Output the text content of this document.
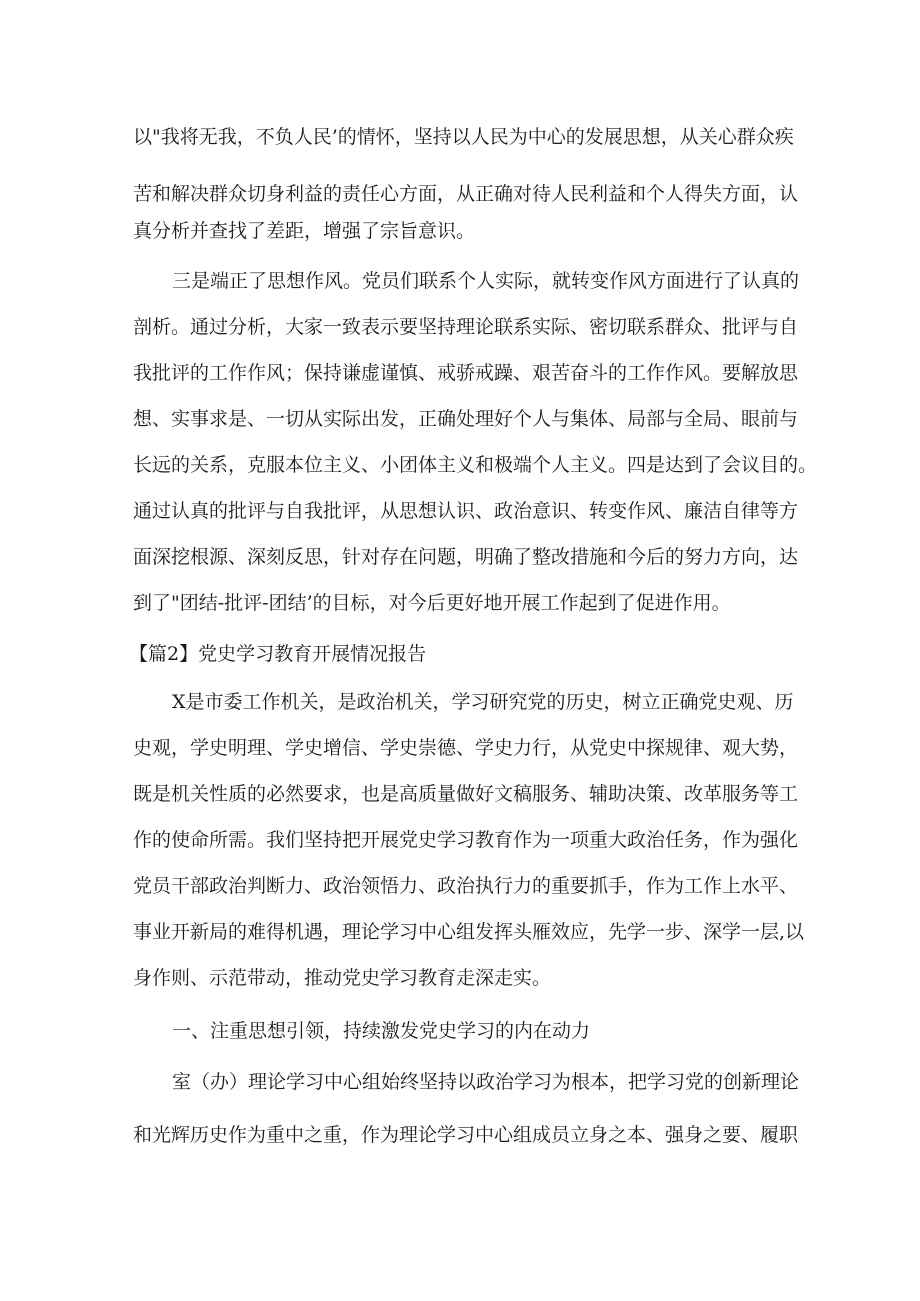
以"我将无我，不负人民’的情怀，坚持以人民为中心的发展思想，从关心群众疾

苦和解决群众切身利益的责任心方面，从正确对待人民利益和个人得失方面，认

真分析并查找了差距，增强了宗旨意识。

三是端正了思想作风。党员们联系个人实际，就转变作风方面进行了认真的

剖析。通过分析，大家一致表示要坚持理论联系实际、密切联系群众、批评与自

我批评的工作作风；保持谦虚谨慎、戒骄戒躁、艰苦奋斗的工作作风。要解放思

想、实事求是、一切从实际出发，正确处理好个人与集体、局部与全局、眼前与

长远的关系，克服本位主义、小团体主义和极端个人主义。四是达到了会议目的。

通过认真的批评与自我批评，从思想认识、政治意识、转变作风、廉洁自律等方

面深挖根源、深刻反思，针对存在问题，明确了整改措施和今后的努力方向，达

到了"团结-批评-团结’的目标，对今后更好地开展工作起到了促进作用。

【篇2】党史学习教育开展情况报告

X是市委工作机关，是政治机关，学习研究党的历史，树立正确党史观、历

史观，学史明理、学史增信、学史崇德、学史力行，从党史中探规律、观大势，

既是机关性质的必然要求，也是高质量做好文稿服务、辅助决策、改革服务等工

作的使命所需。我们坚持把开展党史学习教育作为一项重大政治任务，作为强化

党员干部政治判断力、政治领悟力、政治执行力的重要抓手，作为工作上水平、

事业开新局的难得机遇，理论学习中心组发挥头雁效应，先学一步、深学一层,以

身作则、示范带动，推动党史学习教育走深走实。

一、注重思想引领，持续激发党史学习的内在动力

室（办）理论学习中心组始终坚持以政治学习为根本，把学习党的创新理论

和光辉历史作为重中之重，作为理论学习中心组成员立身之本、强身之要、履职
